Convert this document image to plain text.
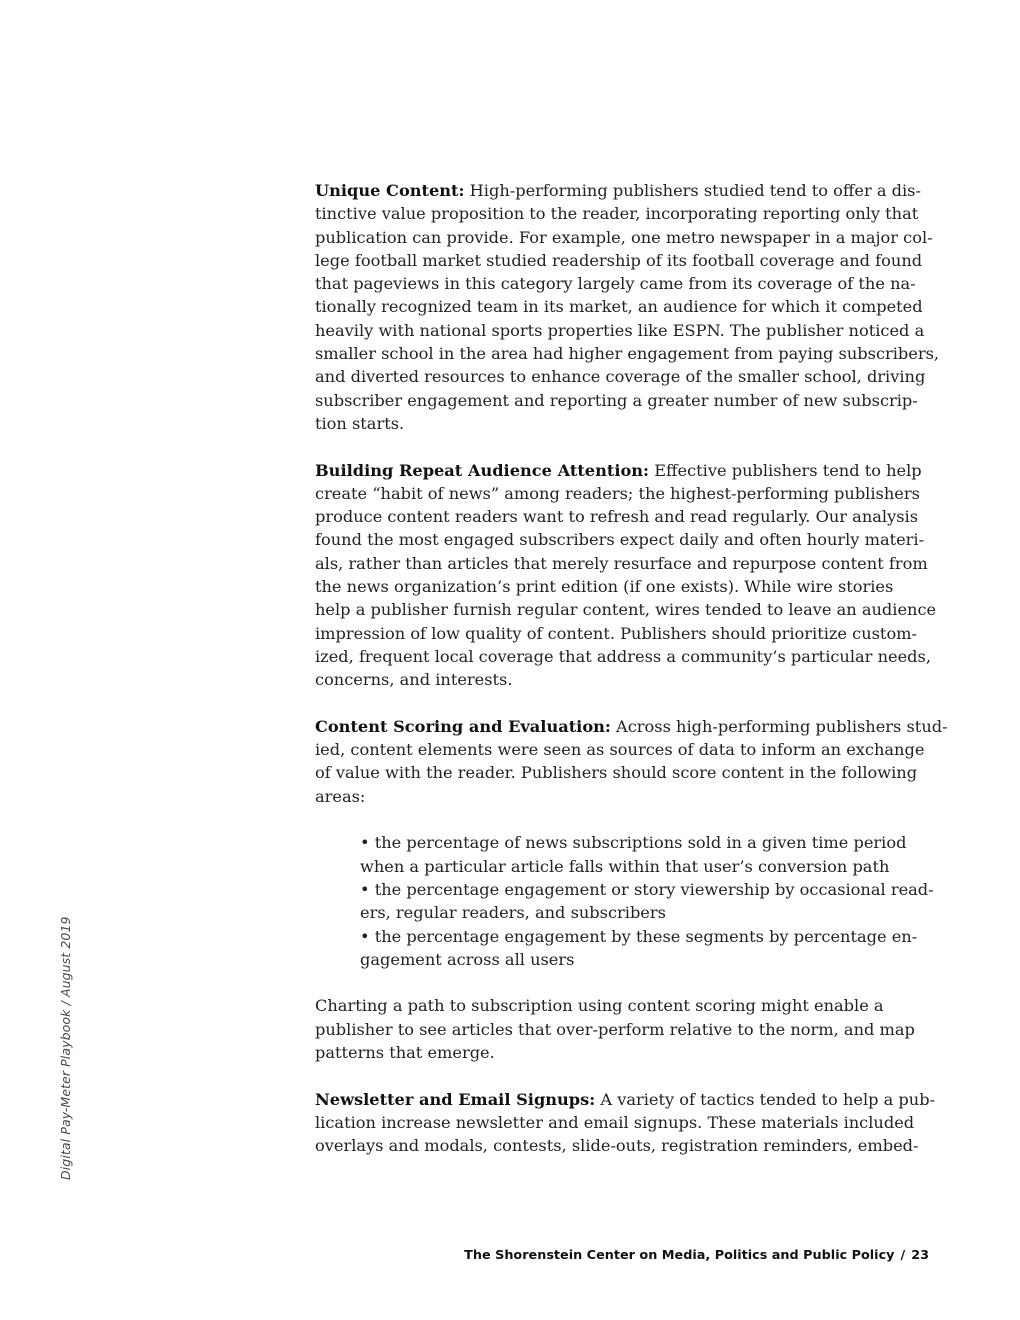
Digital Pay-Meter Playbook / August 2019

Unique Content: High-performing publishers studied tend to offer a dis-
tinctive value proposition to the reader, incorporating reporting only that
publication can provide. For example, one metro newspaper in a major col-
lege football market studied readership of its football coverage and found
that pageviews in this category largely came from its coverage of the na-
tionally recognized team in its market, an audience for which it competed
heavily with national sports properties like ESPN. The publisher noticed a
smaller school in the area had higher engagement from paying subscribers,
and diverted resources to enhance coverage of the smaller school, driving
subscriber engagement and reporting a greater number of new subscrip-
tion starts.

Building Repeat Audience Attention: Effective publishers tend to help
create “habit of news” among readers; the highest-performing publishers
produce content readers want to refresh and read regularly. Our analysis
found the most engaged subscribers expect daily and often hourly materi-
als, rather than articles that merely resurface and repurpose content from
the news organization’s print edition (if one exists). While wire stories
help a publisher furnish regular content, wires tended to leave an audience
impression of low quality of content. Publishers should prioritize custom-
ized, frequent local coverage that address a community’s particular needs,
concerns, and interests.

Content Scoring and Evaluation: Across high-performing publishers stud-
ied, content elements were seen as sources of data to inform an exchange
of value with the reader. Publishers should score content in the following
areas:

• the percentage of news subscriptions sold in a given time period
when a particular article falls within that user’s conversion path
• the percentage engagement or story viewership by occasional read-
ers, regular readers, and subscribers
• the percentage engagement by these segments by percentage en-
gagement across all users

Charting a path to subscription using content scoring might enable a
publisher to see articles that over-perform relative to the norm, and map
patterns that emerge.

Newsletter and Email Signups: A variety of tactics tended to help a pub-
lication increase newsletter and email signups. These materials included
overlays and modals, contests, slide-outs, registration reminders, embed-

The Shorenstein Center on Media, Politics and Public Policy / 23
